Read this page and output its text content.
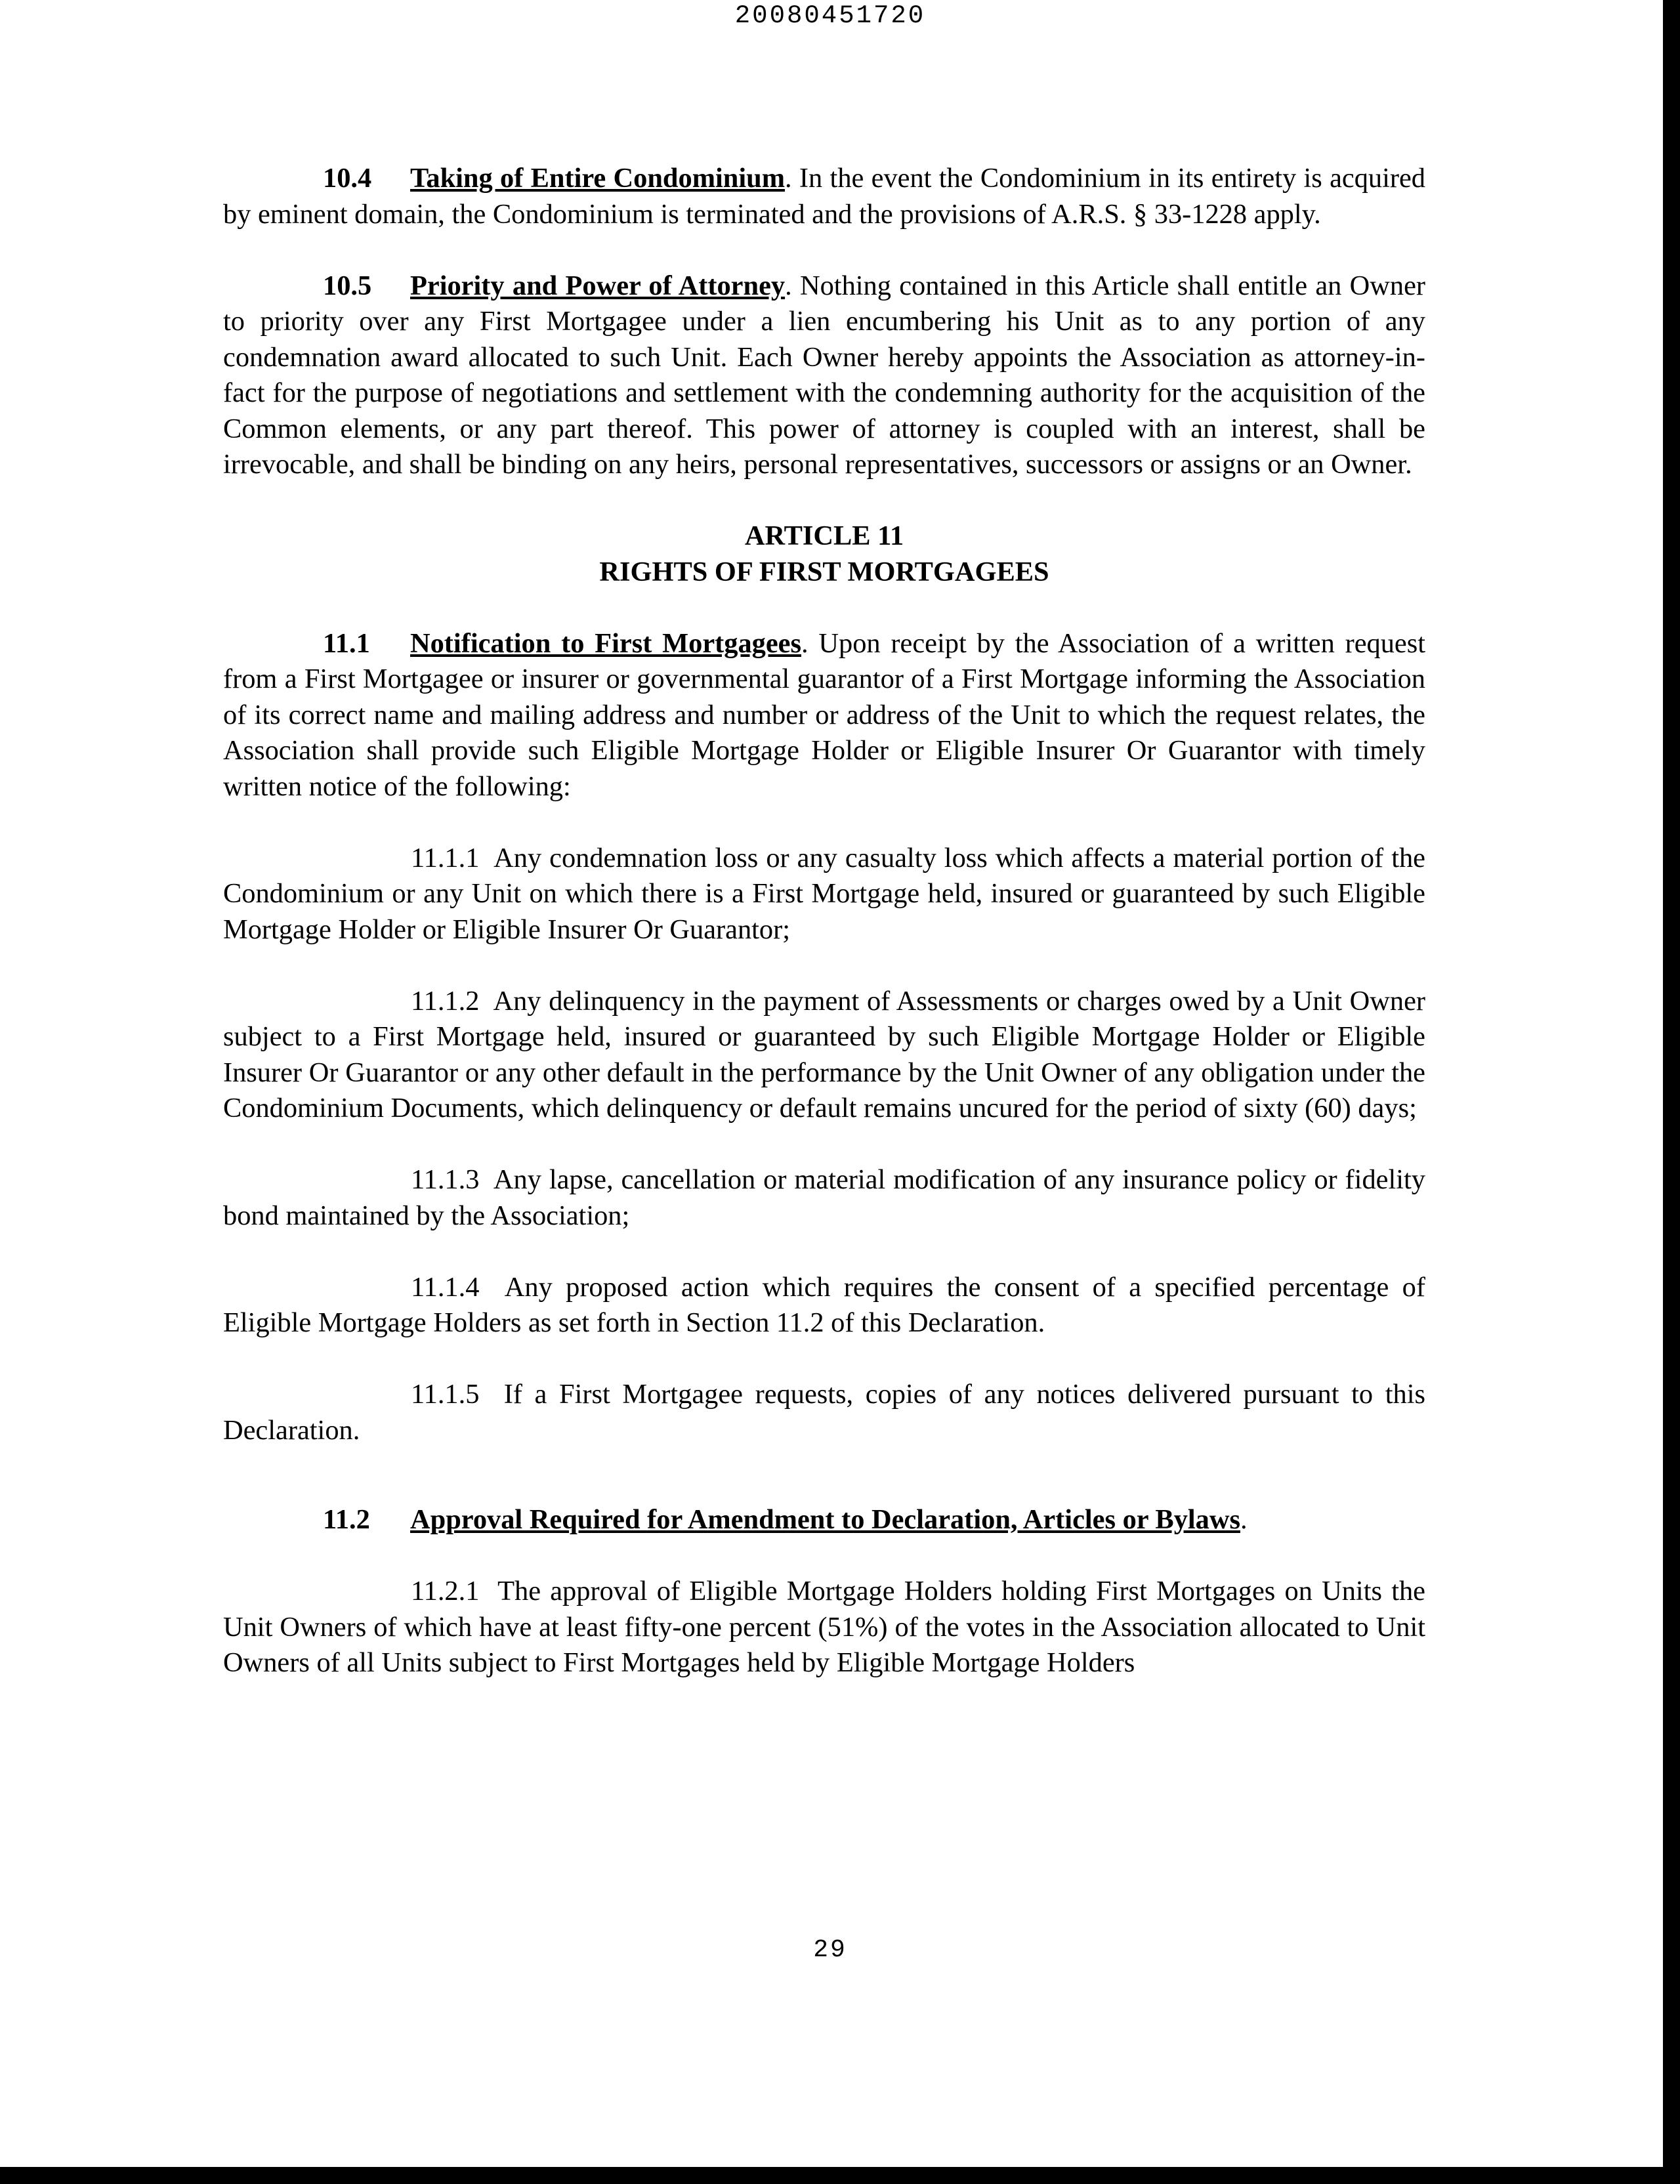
20080451720

10.4 Taking of Entire Condominium. In the event the Condominium in its entirety is acquired by eminent domain, the Condominium is terminated and the provisions of A.R.S. § 33-1228 apply.

10.5 Priority and Power of Attorney. Nothing contained in this Article shall entitle an Owner to priority over any First Mortgagee under a lien encumbering his Unit as to any portion of any condemnation award allocated to such Unit. Each Owner hereby appoints the Association as attorney-in-fact for the purpose of negotiations and settlement with the condemning authority for the acquisition of the Common elements, or any part thereof. This power of attorney is coupled with an interest, shall be irrevocable, and shall be binding on any heirs, personal representatives, successors or assigns or an Owner.

ARTICLE 11
RIGHTS OF FIRST MORTGAGEES

11.1 Notification to First Mortgagees. Upon receipt by the Association of a written request from a First Mortgagee or insurer or governmental guarantor of a First Mortgage informing the Association of its correct name and mailing address and number or address of the Unit to which the request relates, the Association shall provide such Eligible Mortgage Holder or Eligible Insurer Or Guarantor with timely written notice of the following:

11.1.1 Any condemnation loss or any casualty loss which affects a material portion of the Condominium or any Unit on which there is a First Mortgage held, insured or guaranteed by such Eligible Mortgage Holder or Eligible Insurer Or Guarantor;

11.1.2 Any delinquency in the payment of Assessments or charges owed by a Unit Owner subject to a First Mortgage held, insured or guaranteed by such Eligible Mortgage Holder or Eligible Insurer Or Guarantor or any other default in the performance by the Unit Owner of any obligation under the Condominium Documents, which delinquency or default remains uncured for the period of sixty (60) days;

11.1.3 Any lapse, cancellation or material modification of any insurance policy or fidelity bond maintained by the Association;

11.1.4 Any proposed action which requires the consent of a specified percentage of Eligible Mortgage Holders as set forth in Section 11.2 of this Declaration.

11.1.5 If a First Mortgagee requests, copies of any notices delivered pursuant to this Declaration.

11.2 Approval Required for Amendment to Declaration, Articles or Bylaws.

11.2.1 The approval of Eligible Mortgage Holders holding First Mortgages on Units the Unit Owners of which have at least fifty-one percent (51%) of the votes in the Association allocated to Unit Owners of all Units subject to First Mortgages held by Eligible Mortgage Holders

29
